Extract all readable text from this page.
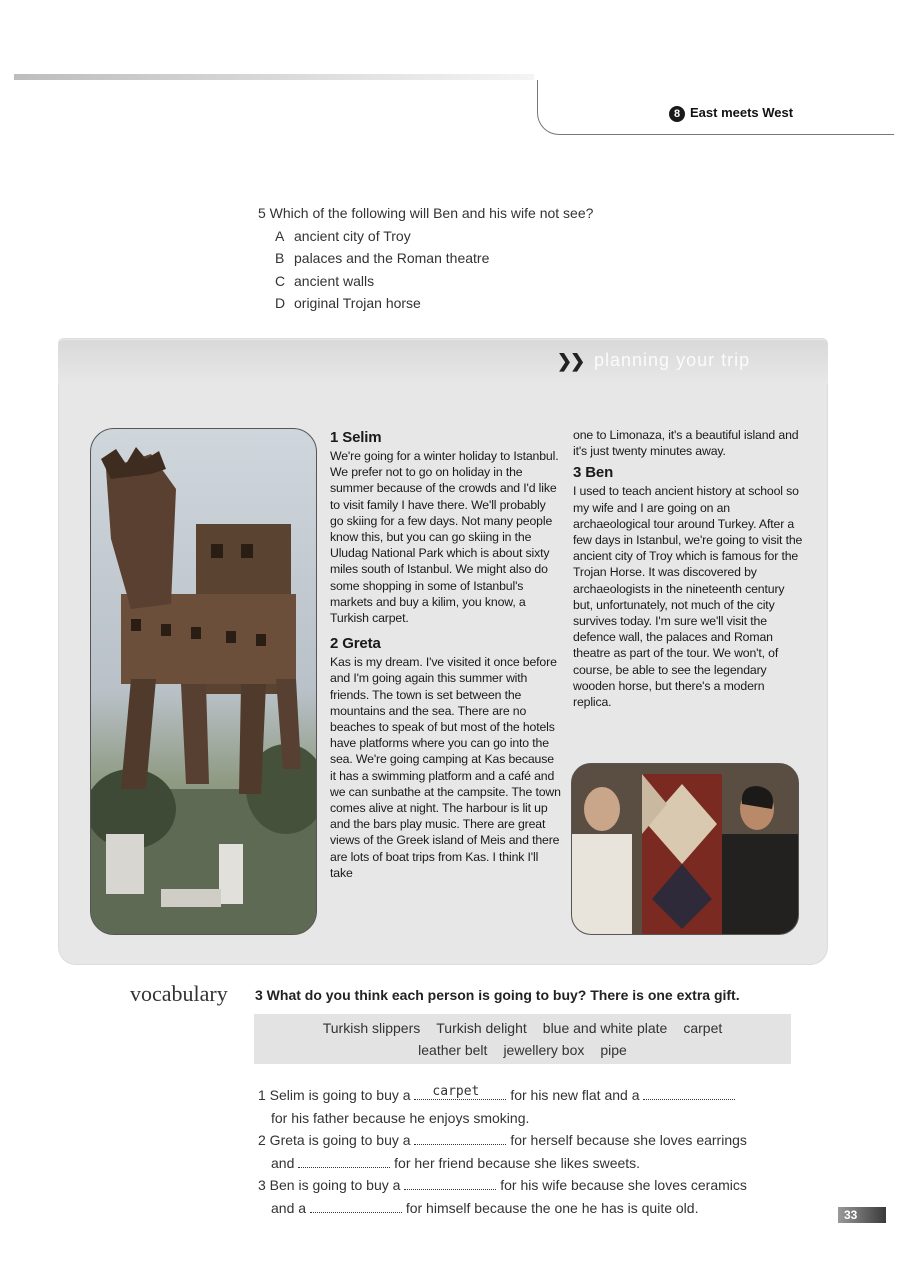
8 East meets West
5 Which of the following will Ben and his wife not see?
A ancient city of Troy
B palaces and the Roman theatre
C ancient walls
D original Trojan horse
❯❯ planning your trip
1 Selim

We're going for a winter holiday to Istanbul. We prefer not to go on holiday in the summer because of the crowds and I'd like to visit family I have there. We'll probably go skiing for a few days. Not many people know this, but you can go skiing in the Uludag National Park which is about sixty miles south of Istanbul. We might also do some shopping in some of Istanbul's markets and buy a kilim, you know, a Turkish carpet.

2 Greta

Kas is my dream. I've visited it once before and I'm going again this summer with friends. The town is set between the mountains and the sea. There are no beaches to speak of but most of the hotels have platforms where you can go into the sea. We're going camping at Kas because it has a swimming platform and a café and we can sunbathe at the campsite. The town comes alive at night. The harbour is lit up and the bars play music. There are great views of the Greek island of Meis and there are lots of boat trips from Kas. I think I'll take

one to Limonaza, it's a beautiful island and it's just twenty minutes away.

3 Ben

I used to teach ancient history at school so my wife and I are going on an archaeological tour around Turkey. After a few days in Istanbul, we're going to visit the ancient city of Troy which is famous for the Trojan Horse. It was discovered by archaeologists in the nineteenth century but, unfortunately, not much of the city survives today. I'm sure we'll visit the defence wall, the palaces and Roman theatre as part of the tour. We won't, of course, be able to see the legendary wooden horse, but there's a modern replica.

vocabulary 3 What do you think each person is going to buy? There is one extra gift.
Turkish slippers Turkish delight blue and white plate carpet
leather belt jewellery box pipe
1 Selim is going to buy a carpet for his new flat and a
for his father because he enjoys smoking.
2 Greta is going to buy a	for herself because she loves earrings
and	for her friend because she likes sweets.
3 Ben is going to buy a	for his wife because she loves ceramics
and a	for himself because the one he has is quite old.	33
